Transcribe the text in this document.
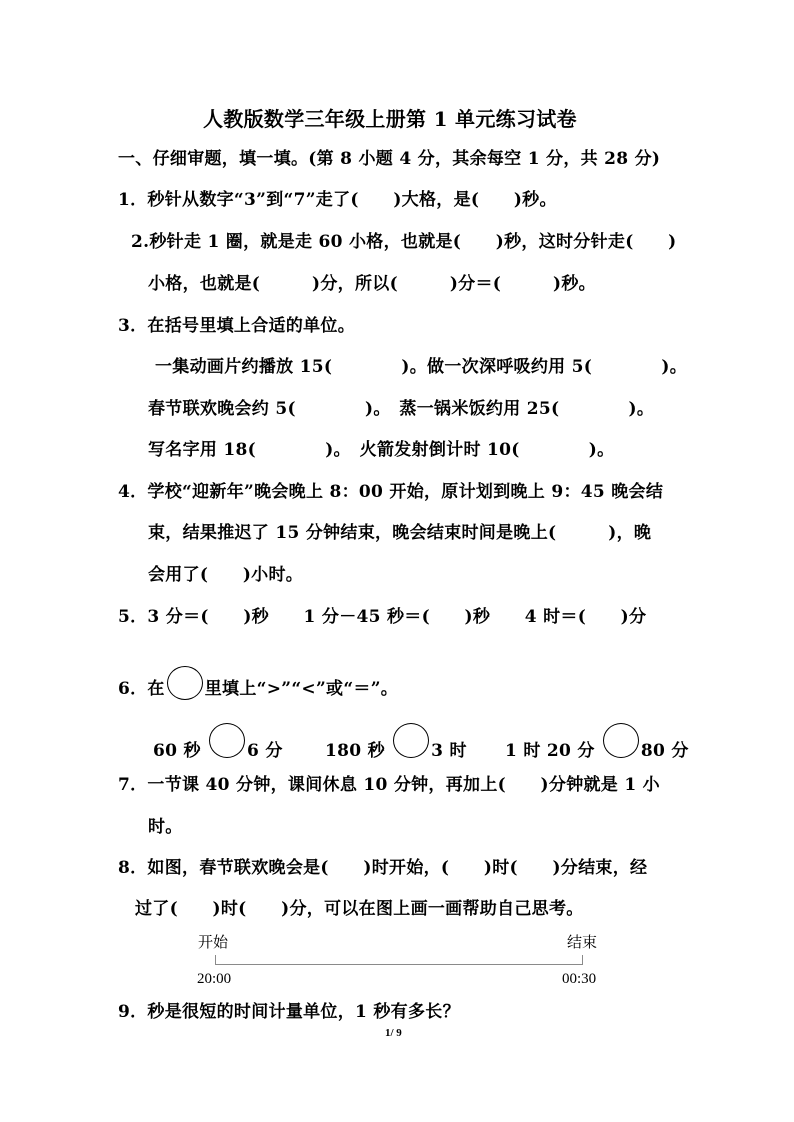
人教版数学三年级上册第 1 单元练习试卷
一、仔细审题，填一填。(第 8 小题 4 分，其余每空 1 分，共 28 分)
1．秒针从数字“3”到“7”走了(　　)大格，是(　　)秒。
2.秒针走 1 圈，就是走 60 小格，也就是(　　)秒，这时分针走(　　)
小格，也就是(　　　)分，所以(　　　)分＝(　　　)秒。
3．在括号里填上合适的单位。
一集动画片约播放 15(　　　　)。做一次深呼吸约用 5(　　　　)。
春节联欢晚会约 5(　　　　)。　蒸一锅米饭约用 25(　　　　)。
写名字用 18(　　　　)。　火箭发射倒计时 10(　　　　)。
4．学校“迎新年”晚会晚上 8：00 开始，原计划到晚上 9：45 晚会结
束，结果推迟了 15 分钟结束，晚会结束时间是晚上(　　　)，晚
会用了(　　)小时。
5．3 分＝(　　)秒　　1 分－45 秒＝(　　)秒　　4 时＝(　　)分
6．在 里填上“>”“<”或“＝”。
60 秒	6 分 180 秒	3 时 1 时 20 分	80 分
7．一节课 40 分钟，课间休息 10 分钟，再加上(　　)分钟就是 1 小
时。
8．如图，春节联欢晚会是(　　)时开始，(　　)时(　　)分结束，经
过了(　　)时(　　)分，可以在图上画一画帮助自己思考。
开始	结束
20:00	00:30
9．秒是很短的时间计量单位，1 秒有多长？
1/ 9
